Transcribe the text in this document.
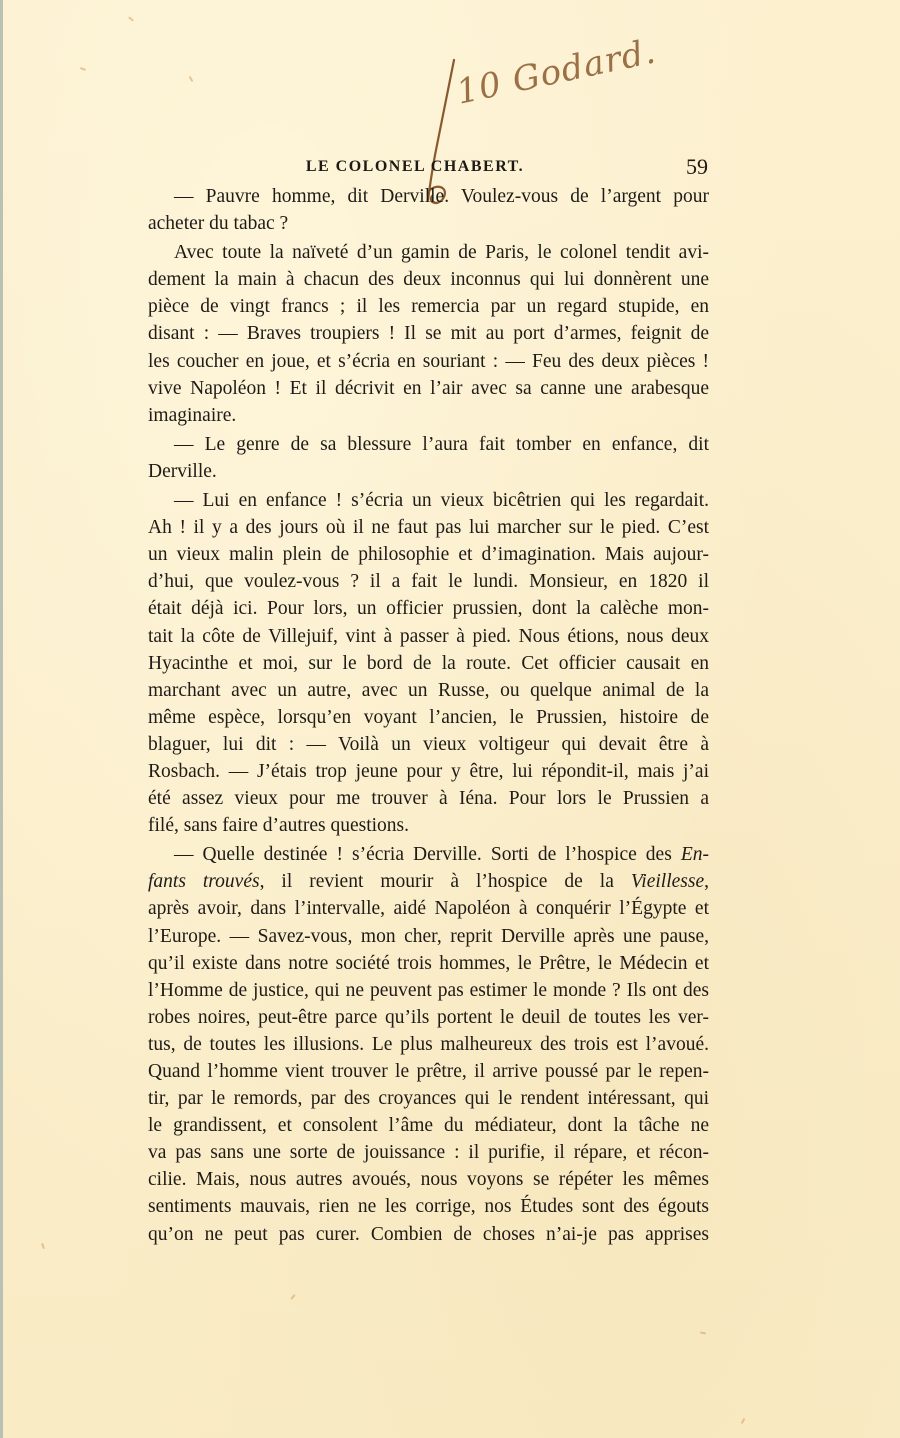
10 Godard.
LE COLONEL CHABERT.	59
— Pauvre homme, dit Derville. Voulez-vous de l’argent pour
acheter du tabac ?
Avec toute la naïveté d’un gamin de Paris, le colonel tendit avi-
dement la main à chacun des deux inconnus qui lui donnèrent une
pièce de vingt francs ; il les remercia par un regard stupide, en
disant : — Braves troupiers ! Il se mit au port d’armes, feignit de
les coucher en joue, et s’écria en souriant : — Feu des deux pièces !
vive Napoléon ! Et il décrivit en l’air avec sa canne une arabesque
imaginaire.
— Le genre de sa blessure l’aura fait tomber en enfance, dit
Derville.
— Lui en enfance ! s’écria un vieux bicêtrien qui les regardait.
Ah ! il y a des jours où il ne faut pas lui marcher sur le pied. C’est
un vieux malin plein de philosophie et d’imagination. Mais aujour-
d’hui, que voulez-vous ? il a fait le lundi. Monsieur, en 1820 il
était déjà ici. Pour lors, un officier prussien, dont la calèche mon-
tait la côte de Villejuif, vint à passer à pied. Nous étions, nous deux
Hyacinthe et moi, sur le bord de la route. Cet officier causait en
marchant avec un autre, avec un Russe, ou quelque animal de la
même espèce, lorsqu’en voyant l’ancien, le Prussien, histoire de
blaguer, lui dit : — Voilà un vieux voltigeur qui devait être à
Rosbach. — J’étais trop jeune pour y être, lui répondit-il, mais j’ai
été assez vieux pour me trouver à Iéna. Pour lors le Prussien a
filé, sans faire d’autres questions.
— Quelle destinée ! s’écria Derville. Sorti de l’hospice des En-
fants trouvés, il revient mourir à l’hospice de la Vieillesse,
après avoir, dans l’intervalle, aidé Napoléon à conquérir l’Égypte et
l’Europe. — Savez-vous, mon cher, reprit Derville après une pause,
qu’il existe dans notre société trois hommes, le Prêtre, le Médecin et
l’Homme de justice, qui ne peuvent pas estimer le monde ? Ils ont des
robes noires, peut-être parce qu’ils portent le deuil de toutes les ver-
tus, de toutes les illusions. Le plus malheureux des trois est l’avoué.
Quand l’homme vient trouver le prêtre, il arrive poussé par le repen-
tir, par le remords, par des croyances qui le rendent intéressant, qui
le grandissent, et consolent l’âme du médiateur, dont la tâche ne
va pas sans une sorte de jouissance : il purifie, il répare, et récon-
cilie. Mais, nous autres avoués, nous voyons se répéter les mêmes
sentiments mauvais, rien ne les corrige, nos Études sont des égouts
qu’on ne peut pas curer. Combien de choses n’ai-je pas apprises
